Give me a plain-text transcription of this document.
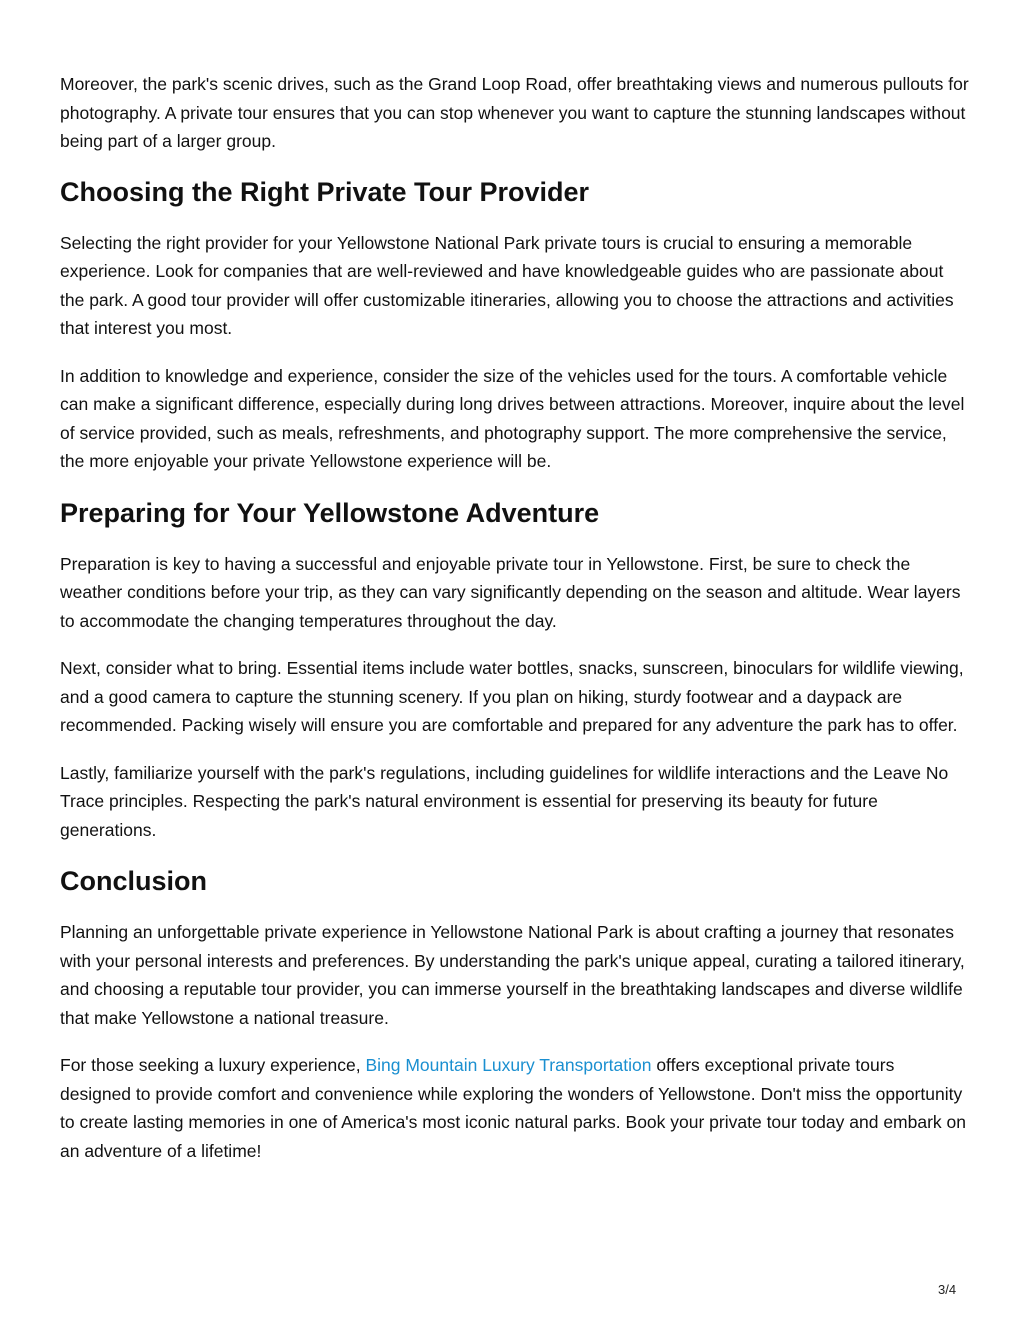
Moreover, the park's scenic drives, such as the Grand Loop Road, offer breathtaking views and numerous pullouts for photography. A private tour ensures that you can stop whenever you want to capture the stunning landscapes without being part of a larger group.

Choosing the Right Private Tour Provider

Selecting the right provider for your Yellowstone National Park private tours is crucial to ensuring a memorable experience. Look for companies that are well-reviewed and have knowledgeable guides who are passionate about the park. A good tour provider will offer customizable itineraries, allowing you to choose the attractions and activities that interest you most.

In addition to knowledge and experience, consider the size of the vehicles used for the tours. A comfortable vehicle can make a significant difference, especially during long drives between attractions. Moreover, inquire about the level of service provided, such as meals, refreshments, and photography support. The more comprehensive the service, the more enjoyable your private Yellowstone experience will be.

Preparing for Your Yellowstone Adventure

Preparation is key to having a successful and enjoyable private tour in Yellowstone. First, be sure to check the weather conditions before your trip, as they can vary significantly depending on the season and altitude. Wear layers to accommodate the changing temperatures throughout the day.

Next, consider what to bring. Essential items include water bottles, snacks, sunscreen, binoculars for wildlife viewing, and a good camera to capture the stunning scenery. If you plan on hiking, sturdy footwear and a daypack are recommended. Packing wisely will ensure you are comfortable and prepared for any adventure the park has to offer.

Lastly, familiarize yourself with the park's regulations, including guidelines for wildlife interactions and the Leave No Trace principles. Respecting the park's natural environment is essential for preserving its beauty for future generations.

Conclusion

Planning an unforgettable private experience in Yellowstone National Park is about crafting a journey that resonates with your personal interests and preferences. By understanding the park's unique appeal, curating a tailored itinerary, and choosing a reputable tour provider, you can immerse yourself in the breathtaking landscapes and diverse wildlife that make Yellowstone a national treasure.

For those seeking a luxury experience, Bing Mountain Luxury Transportation offers exceptional private tours designed to provide comfort and convenience while exploring the wonders of Yellowstone. Don't miss the opportunity to create lasting memories in one of America's most iconic natural parks. Book your private tour today and embark on an adventure of a lifetime!

3/4
